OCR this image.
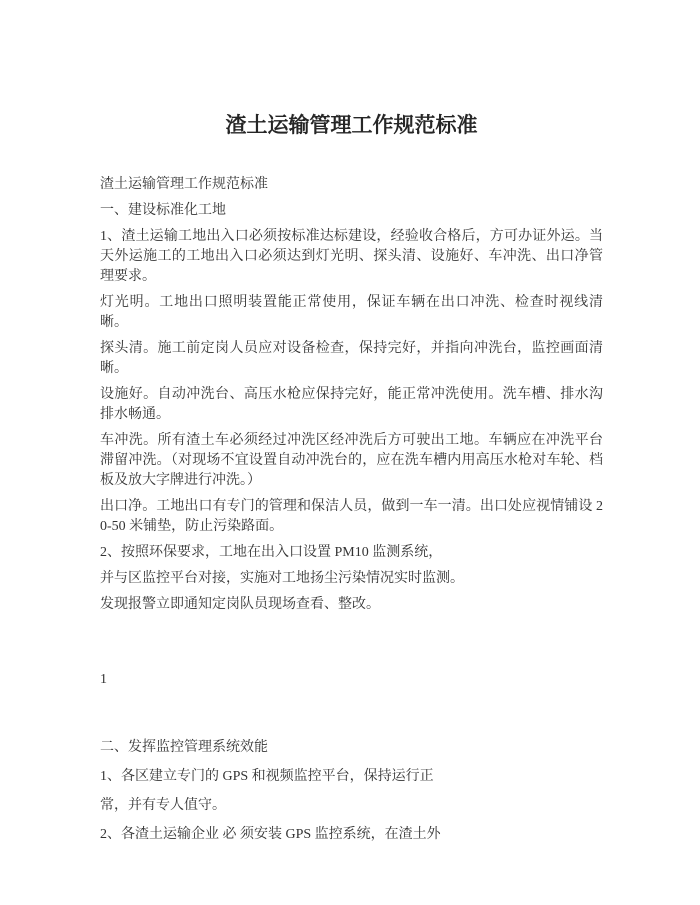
渣土运输管理工作规范标准

渣土运输管理工作规范标准

一、建设标准化工地

1、渣土运输工地出入口必须按标准达标建设，经验收合格后，方可办证外运。当天外运施工的工地出入口必须达到灯光明、探头清、设施好、车冲洗、出口净管理要求。

灯光明。工地出口照明装置能正常使用，保证车辆在出口冲洗、检查时视线清晰。

探头清。施工前定岗人员应对设备检查，保持完好，并指向冲洗台，监控画面清晰。

设施好。自动冲洗台、高压水枪应保持完好，能正常冲洗使用。洗车槽、排水沟排水畅通。

车冲洗。所有渣土车必须经过冲洗区经冲洗后方可驶出工地。车辆应在冲洗平台滞留冲洗。（对现场不宜设置自动冲洗台的，应在洗车槽内用高压水枪对车轮、档板及放大字牌进行冲洗。）

出口净。工地出口有专门的管理和保洁人员，做到一车一清。出口处应视情铺设 20-50 米铺垫，防止污染路面。

2、按照环保要求，工地在出入口设置 PM10 监测系统，

并与区监控平台对接，实施对工地扬尘污染情况实时监测。

发现报警立即通知定岗队员现场查看、整改。

1

二、发挥监控管理系统效能

1、各区建立专门的 GPS 和视频监控平台，保持运行正

常，并有专人值守。

2、各渣土运输企业 必 须安装 GPS 监控系统，在渣土外
